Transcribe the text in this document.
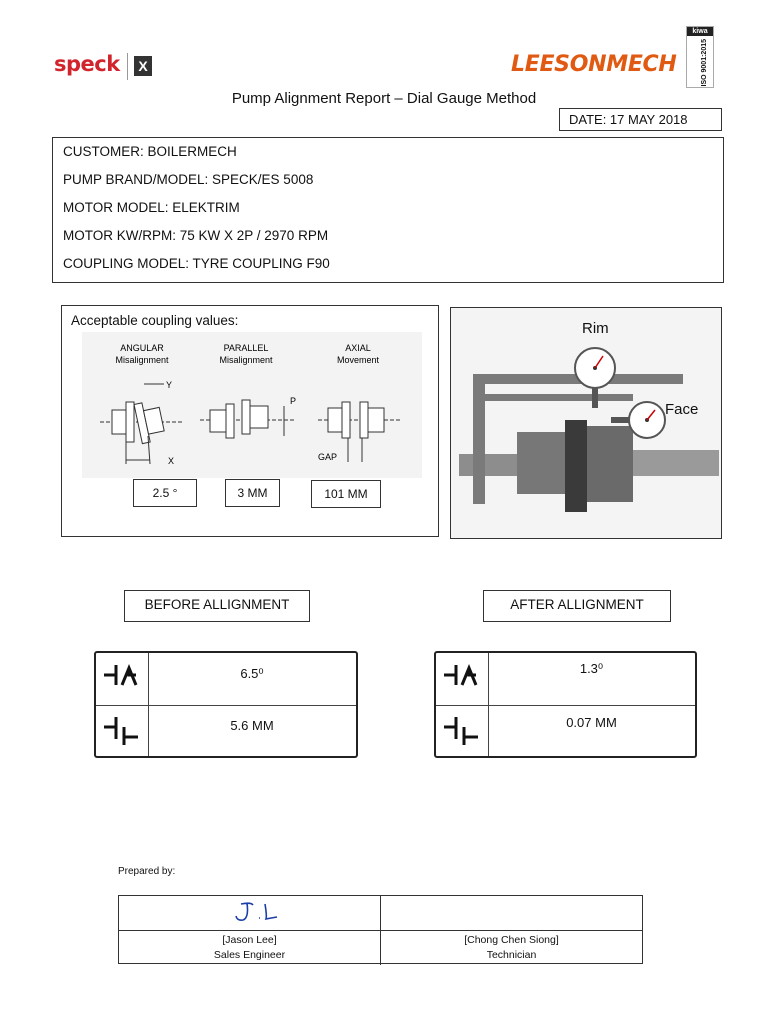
speck	X	LEESONMECH
kiwa
ISO 9001:2015
Pump Alignment Report – Dial Gauge Method
DATE: 17 MAY 2018
CUSTOMER: BOILERMECH
PUMP BRAND/MODEL: SPECK/ES 5008
MOTOR MODEL: ELEKTRIM
MOTOR KW/RPM: 75 KW X 2P / 2970 RPM
COUPLING MODEL: TYRE COUPLING F90
Acceptable coupling values:
ANGULAR
Misalignment
Y
X
PARALLEL
Misalignment
P
AXIAL
Movement
GAP
2.5 °	3 MM	101 MM
Rim
Face
BEFORE ALLIGNMENT
6.5⁰
5.6 MM
AFTER ALLIGNMENT
1.3⁰
0.07 MM
Prepared by:
[Jason Lee]
Sales Engineer
[Chong Chen Siong]
Technician
